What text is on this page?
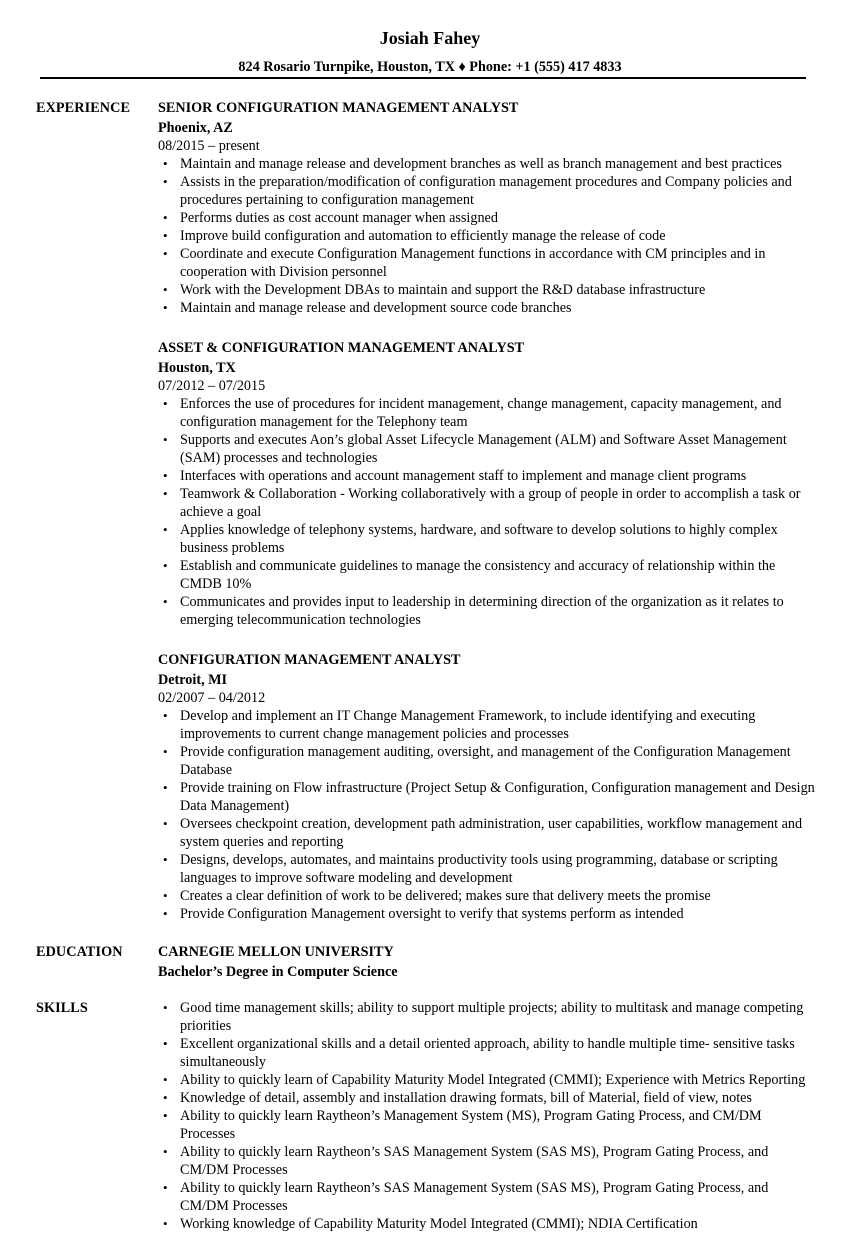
Josiah Fahey
824 Rosario Turnpike, Houston, TX ♦ Phone: +1 (555) 417 4833
EXPERIENCE SENIOR CONFIGURATION MANAGEMENT ANALYST
Phoenix, AZ
08/2015 – present
• Maintain and manage release and development branches as well as branch management and best practices
• Assists in the preparation/modification of configuration management procedures and Company policies and procedures pertaining to configuration management
• Performs duties as cost account manager when assigned
• Improve build configuration and automation to efficiently manage the release of code
• Coordinate and execute Configuration Management functions in accordance with CM principles and in cooperation with Division personnel
• Work with the Development DBAs to maintain and support the R&D database infrastructure
• Maintain and manage release and development source code branches
ASSET & CONFIGURATION MANAGEMENT ANALYST
Houston, TX
07/2012 – 07/2015
• Enforces the use of procedures for incident management, change management, capacity management, and configuration management for the Telephony team
• Supports and executes Aon’s global Asset Lifecycle Management (ALM) and Software Asset Management (SAM) processes and technologies
• Interfaces with operations and account management staff to implement and manage client programs
• Teamwork & Collaboration - Working collaboratively with a group of people in order to accomplish a task or achieve a goal
• Applies knowledge of telephony systems, hardware, and software to develop solutions to highly complex business problems
• Establish and communicate guidelines to manage the consistency and accuracy of relationship within the CMDB 10%
• Communicates and provides input to leadership in determining direction of the organization as it relates to emerging telecommunication technologies
CONFIGURATION MANAGEMENT ANALYST
Detroit, MI
02/2007 – 04/2012
• Develop and implement an IT Change Management Framework, to include identifying and executing improvements to current change management policies and processes
• Provide configuration management auditing, oversight, and management of the Configuration Management Database
• Provide training on Flow infrastructure (Project Setup & Configuration, Configuration management and Design Data Management)
• Oversees checkpoint creation, development path administration, user capabilities, workflow management and system queries and reporting
• Designs, develops, automates, and maintains productivity tools using programming, database or scripting languages to improve software modeling and development
• Creates a clear definition of work to be delivered; makes sure that delivery meets the promise
• Provide Configuration Management oversight to verify that systems perform as intended
EDUCATION CARNEGIE MELLON UNIVERSITY
Bachelor’s Degree in Computer Science
SKILLS
•	Good time management skills; ability to support multiple projects; ability to multitask and manage competing priorities
• Excellent organizational skills and a detail oriented approach, ability to handle multiple time- sensitive tasks simultaneously
• Ability to quickly learn of Capability Maturity Model Integrated (CMMI); Experience with Metrics Reporting
• Knowledge of detail, assembly and installation drawing formats, bill of Material, field of view, notes
• Ability to quickly learn Raytheon’s Management System (MS), Program Gating Process, and CM/DM Processes
• Ability to quickly learn Raytheon’s SAS Management System (SAS MS), Program Gating Process, and CM/DM Processes
• Ability to quickly learn Raytheon’s SAS Management System (SAS MS), Program Gating Process, and CM/DM Processes
• Working knowledge of Capability Maturity Model Integrated (CMMI); NDIA Certification
